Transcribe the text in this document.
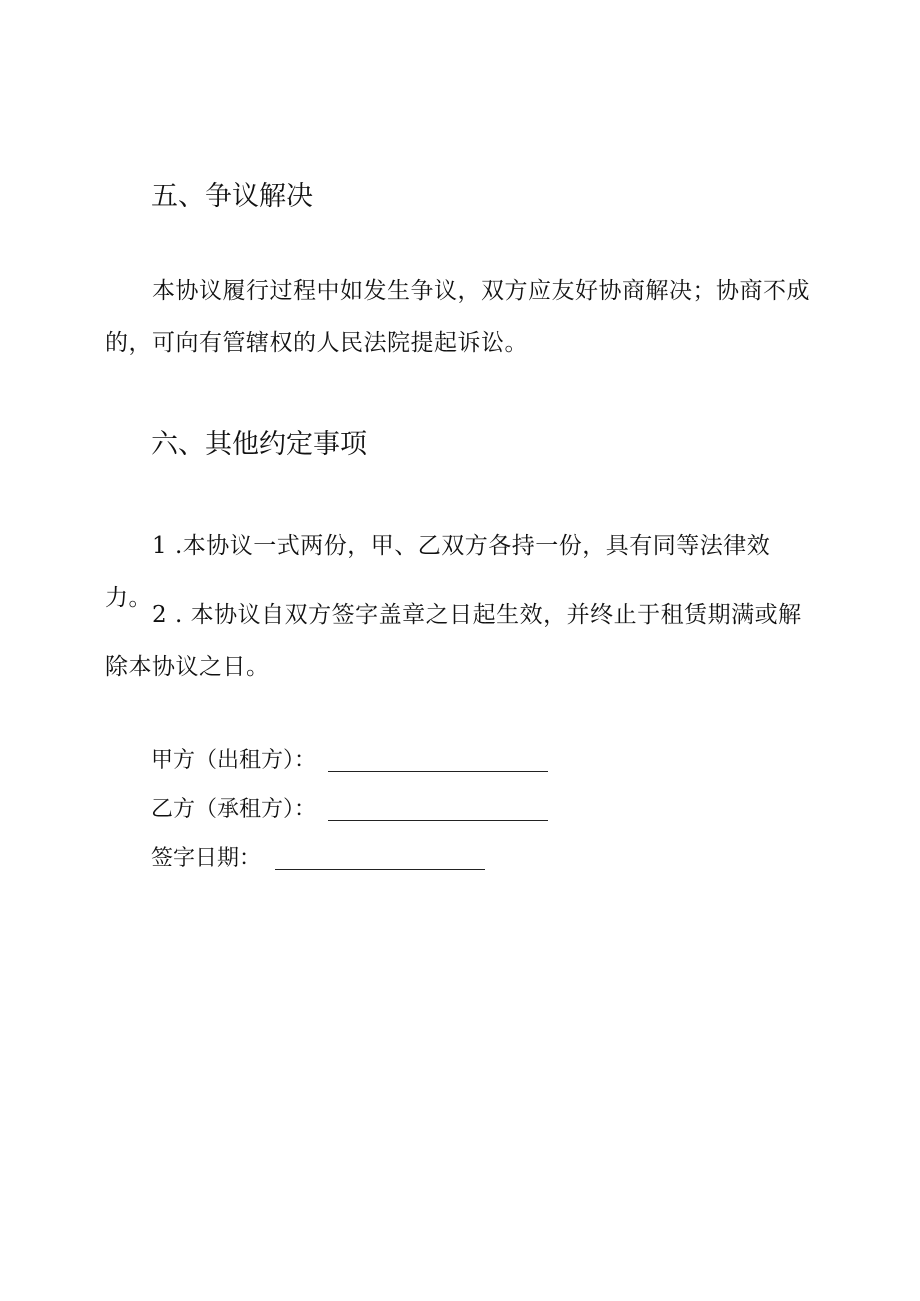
五、争议解决

本协议履行过程中如发生争议，双方应友好协商解决；协商不成的，可向有管辖权的人民法院提起诉讼。

六、其他约定事项

1 .本协议一式两份，甲、乙双方各持一份，具有同等法律效力。

2 . 本协议自双方签字盖章之日起生效，并终止于租赁期满或解除本协议之日。

甲方（出租方）：
乙方（承租方）：
签字日期：
